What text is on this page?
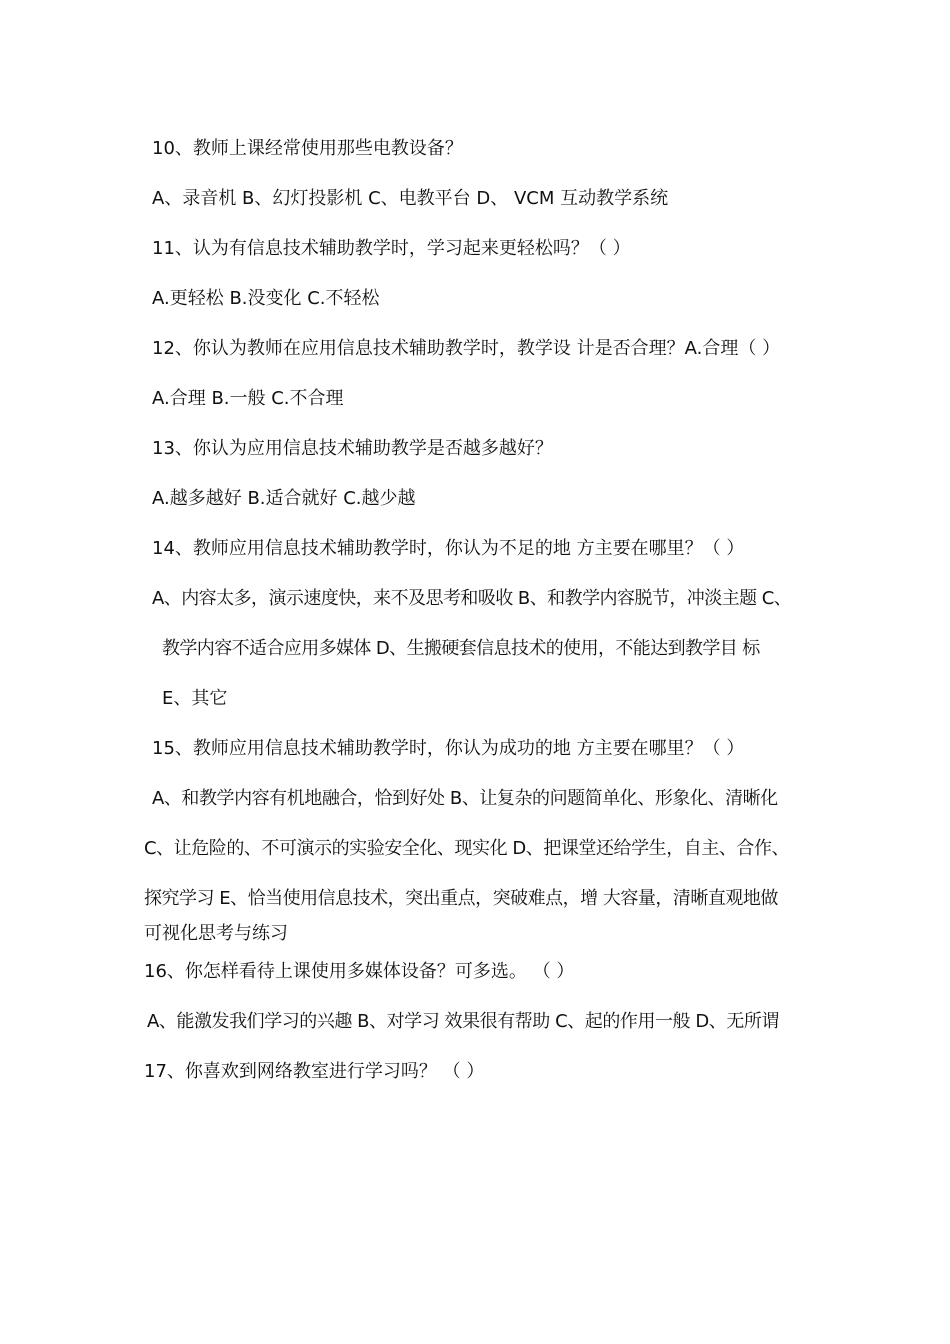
10、教师上课经常使用那些电教设备？

A、录音机 B、幻灯投影机 C、电教平台 D、 VCM 互动教学系统

11、认为有信息技术辅助教学时，学习起来更轻松吗？（ ）

A.更轻松 B.没变化 C.不轻松

12、你认为教师在应用信息技术辅助教学时，教学设 计是否合理？A.合理（ ）

A.合理 B.一般 C.不合理

13、你认为应用信息技术辅助教学是否越多越好？

A.越多越好 B.适合就好 C.越少越

14、教师应用信息技术辅助教学时，你认为不足的地 方主要在哪里？（ ）

A、内容太多，演示速度快，来不及思考和吸收 B、和教学内容脱节，冲淡主题 C、

教学内容不适合应用多媒体 D、生搬硬套信息技术的使用，不能达到教学目 标

E、其它

15、教师应用信息技术辅助教学时，你认为成功的地 方主要在哪里？（ ）

A、和教学内容有机地融合，恰到好处 B、让复杂的问题简单化、形象化、清晰化

C、让危险的、不可演示的实验安全化、现实化 D、把课堂还给学生，自主、合作、

探究学习 E、恰当使用信息技术，突出重点，突破难点，增 大容量，清晰直观地做

可视化思考与练习

16、你怎样看待上课使用多媒体设备？可多选。 （ ）

A、能激发我们学习的兴趣 B、对学习 效果很有帮助 C、起的作用一般 D、无所谓

17、你喜欢到网络教室进行学习吗？ （ ）
